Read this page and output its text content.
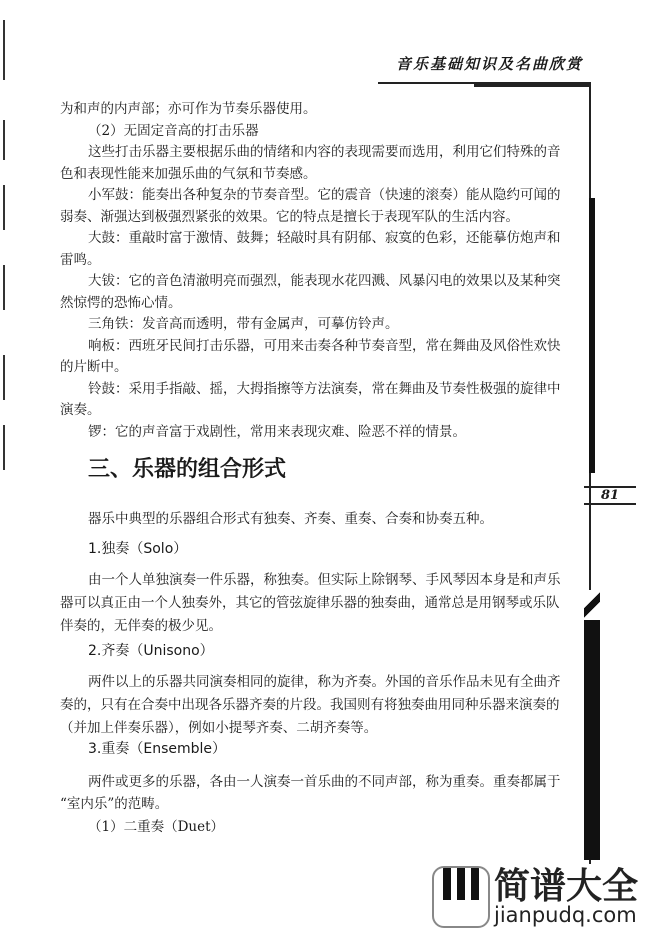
音乐基础知识及名曲欣赏
81
为和声的内声部；亦可作为节奏乐器使用。
（2）无固定音高的打击乐器
这些打击乐器主要根据乐曲的情绪和内容的表现需要而选用，利用它们特殊的音
色和表现性能来加强乐曲的气氛和节奏感。
小军鼓：能奏出各种复杂的节奏音型。它的震音（快速的滚奏）能从隐约可闻的
弱奏、渐强达到极强烈紧张的效果。它的特点是擅长于表现军队的生活内容。
大鼓：重敲时富于激情、鼓舞；轻敲时具有阴郁、寂寞的色彩，还能摹仿炮声和
雷鸣。
大钹：它的音色清澈明亮而强烈，能表现水花四溅、风暴闪电的效果以及某种突
然惊愕的恐怖心情。
三角铁：发音高而透明，带有金属声，可摹仿铃声。
响板：西班牙民间打击乐器，可用来击奏各种节奏音型，常在舞曲及风俗性欢快
的片断中。
铃鼓：采用手指敲、摇，大拇指擦等方法演奏，常在舞曲及节奏性极强的旋律中
演奏。
锣：它的声音富于戏剧性，常用来表现灾难、险恶不祥的情景。
三、乐器的组合形式
器乐中典型的乐器组合形式有独奏、齐奏、重奏、合奏和协奏五种。
1.独奏（Solo）
由一个人单独演奏一件乐器，称独奏。但实际上除钢琴、手风琴因本身是和声乐
器可以真正由一个人独奏外，其它的管弦旋律乐器的独奏曲，通常总是用钢琴或乐队
伴奏的，无伴奏的极少见。
2.齐奏（Unisono）
两件以上的乐器共同演奏相同的旋律，称为齐奏。外国的音乐作品未见有全曲齐
奏的，只有在合奏中出现各乐器齐奏的片段。我国则有将独奏曲用同种乐器来演奏的
（并加上伴奏乐器），例如小提琴齐奏、二胡齐奏等。
3.重奏（Ensemble）
两件或更多的乐器，各由一人演奏一首乐曲的不同声部，称为重奏。重奏都属于
“室内乐”的范畴。
（1）二重奏（Duet）
简谱大全
jianpudq.com
